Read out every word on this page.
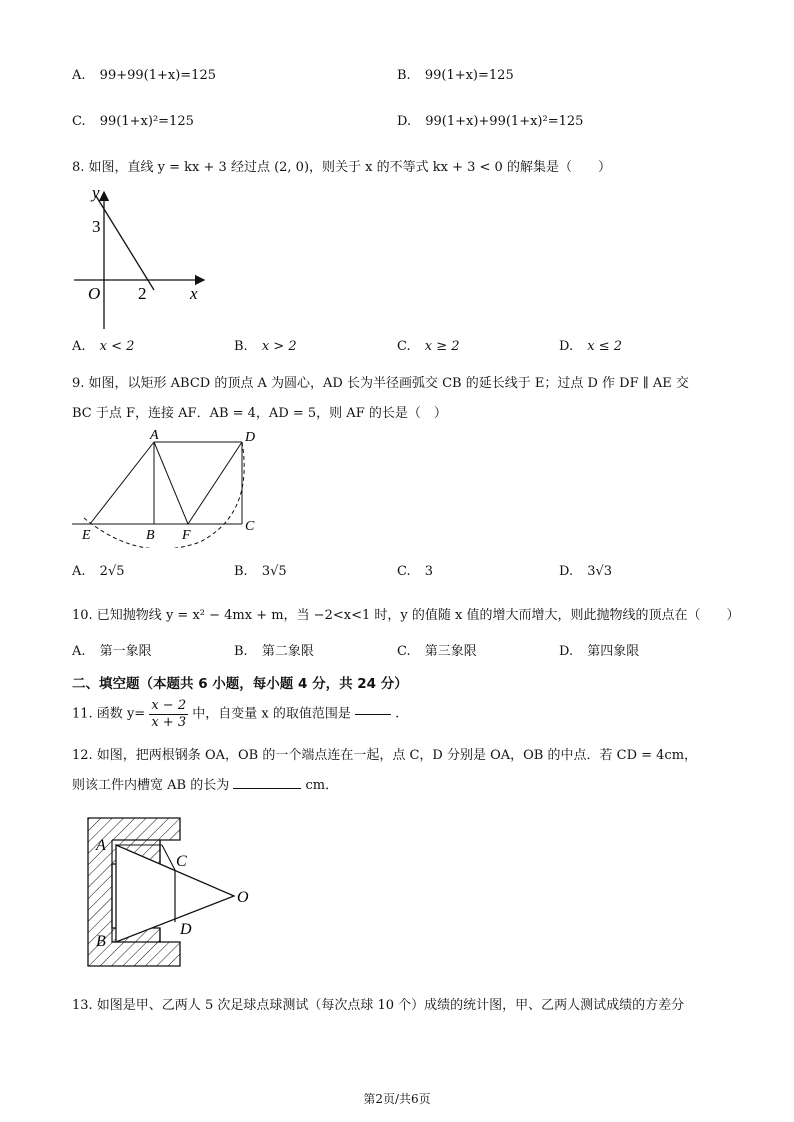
A. 99+99(1+x)=125	B. 99(1+x)=125
C. 99(1+x)²=125	D. 99(1+x)+99(1+x)²=125
8. 如图，直线 y = kx + 3 经过点 (2, 0)，则关于 x 的不等式 kx + 3 < 0 的解集是（　　）
y
3
O 2	x
A. x < 2	B. x > 2	C. x ≥ 2	D. x ≤ 2
9. 如图，以矩形 ABCD 的顶点 A 为圆心，AD 长为半径画弧交 CB 的延长线于 E；过点 D 作 DF ∥ AE 交
BC 于点 F，连接 AF．AB = 4，AD = 5，则 AF 的长是（　）
A	D
B
C
E	F
A. 2√5	B. 3√5	C. 3	D. 3√3
10. 已知抛物线 y = x² − 4mx + m，当 −2<x<1 时，y 的值随 x 值的增大而增大，则此抛物线的顶点在（　　）
A. 第一象限	B. 第二象限	C. 第三象限	D. 第四象限
二、填空题（本题共 6 小题，每小题 4 分，共 24 分）
11. 函数 $y= \frac{x - 2}{x + 3}$ 中，自变量 x 的取值范围是	.
12. 如图，把两根钢条 OA，OB 的一个端点连在一起，点 C，D 分别是 OA，OB 的中点．若 CD = 4cm，
则该工件内槽宽 AB 的长为	cm．
A
C
O
D
B
13. 如图是甲、乙两人 5 次足球点球测试（每次点球 10 个）成绩的统计图，甲、乙两人测试成绩的方差分
第2页/共6页
